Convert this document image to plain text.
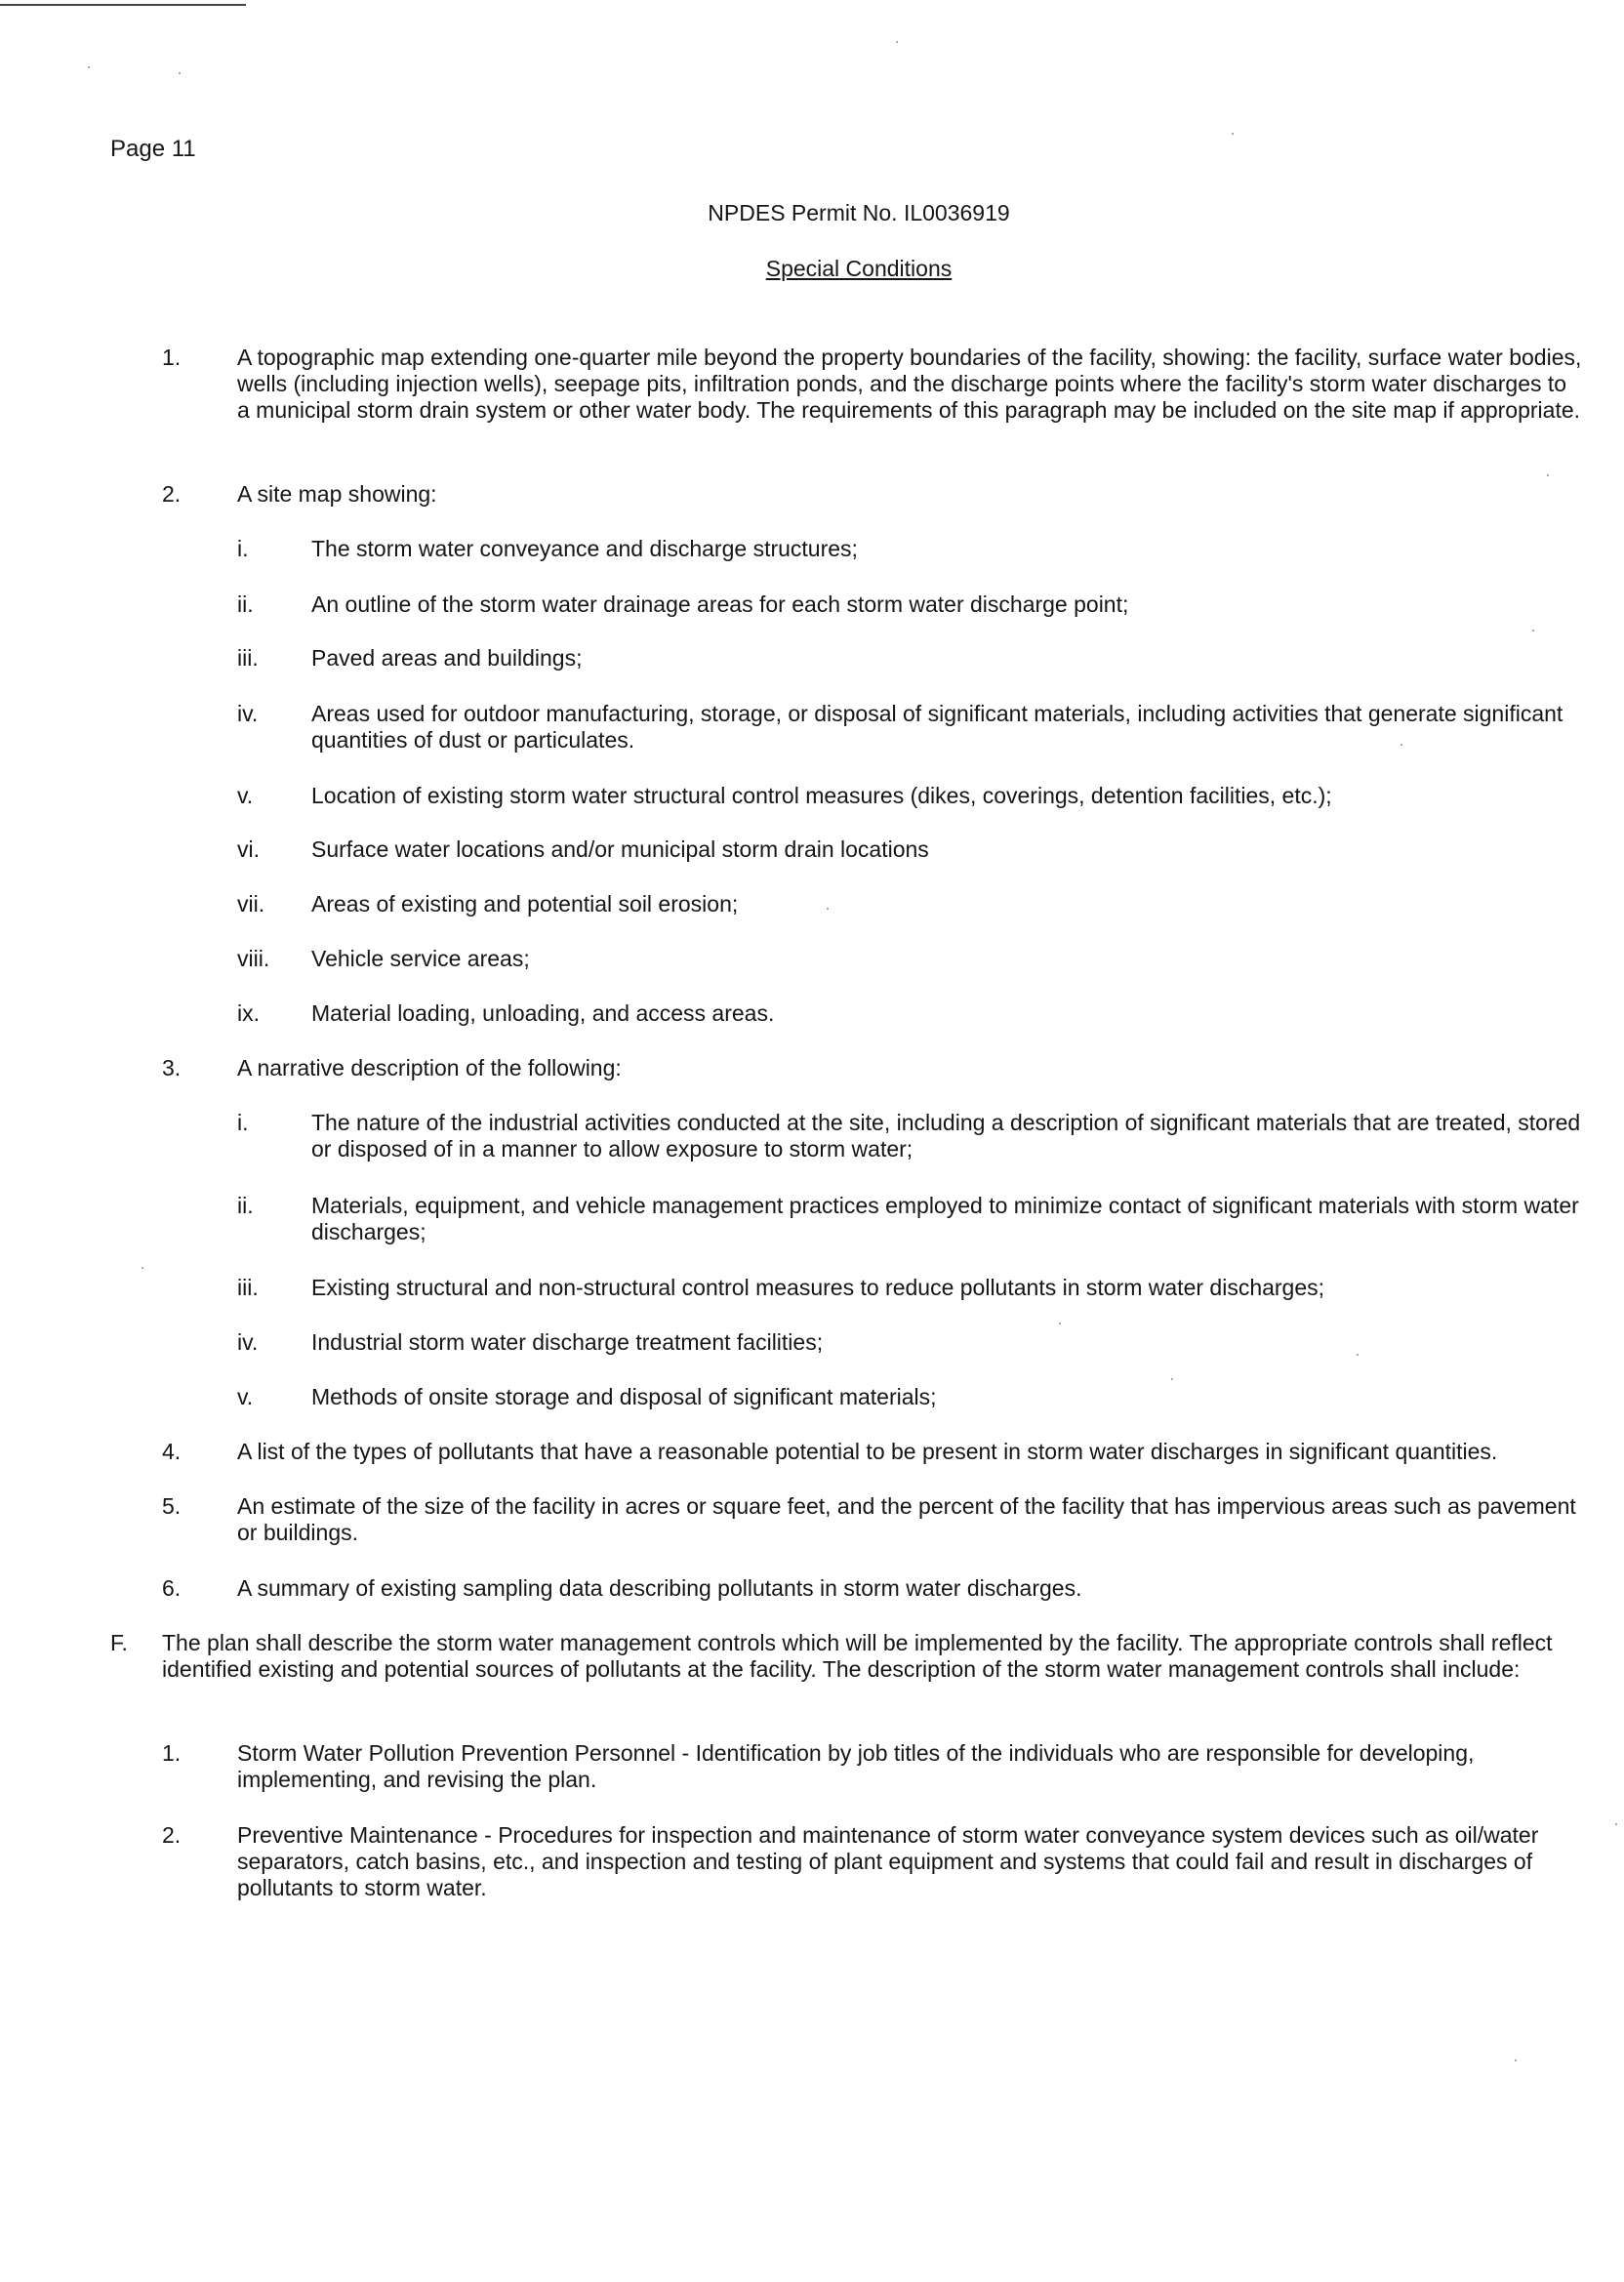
Page 11
NPDES Permit No. IL0036919
Special Conditions
1.	A topographic map extending one-quarter mile beyond the property boundaries of the facility, showing: the facility, surface water bodies, wells (including injection wells), seepage pits, infiltration ponds, and the discharge points where the facility's storm water discharges to a municipal storm drain system or other water body. The requirements of this paragraph may be included on the site map if appropriate.
2.	A site map showing:
i.	The storm water conveyance and discharge structures;
ii.	An outline of the storm water drainage areas for each storm water discharge point;
iii. Paved areas and buildings;
iv. Areas used for outdoor manufacturing, storage, or disposal of significant materials, including activities that generate significant quantities of dust or particulates.
v.	Location of existing storm water structural control measures (dikes, coverings, detention facilities, etc.);
vi. Surface water locations and/or municipal storm drain locations
vii. Areas of existing and potential soil erosion;
viii. Vehicle service areas;
ix. Material loading, unloading, and access areas.
3.	A narrative description of the following:
i.	The nature of the industrial activities conducted at the site, including a description of significant materials that are treated, stored or disposed of in a manner to allow exposure to storm water;
ii.	Materials, equipment, and vehicle management practices employed to minimize contact of significant materials with storm water discharges;
iii. Existing structural and non-structural control measures to reduce pollutants in storm water discharges;
iv. Industrial storm water discharge treatment facilities;
v.	Methods of onsite storage and disposal of significant materials;
4.	A list of the types of pollutants that have a reasonable potential to be present in storm water discharges in significant quantities.
5.	An estimate of the size of the facility in acres or square feet, and the percent of the facility that has impervious areas such as pavement or buildings.
6.	A summary of existing sampling data describing pollutants in storm water discharges.
F. The plan shall describe the storm water management controls which will be implemented by the facility. The appropriate controls shall reflect identified existing and potential sources of pollutants at the facility. The description of the storm water management controls shall include:
1.	Storm Water Pollution Prevention Personnel - Identification by job titles of the individuals who are responsible for developing, implementing, and revising the plan.
2.	Preventive Maintenance - Procedures for inspection and maintenance of storm water conveyance system devices such as oil/water separators, catch basins, etc., and inspection and testing of plant equipment and systems that could fail and result in discharges of pollutants to storm water.
